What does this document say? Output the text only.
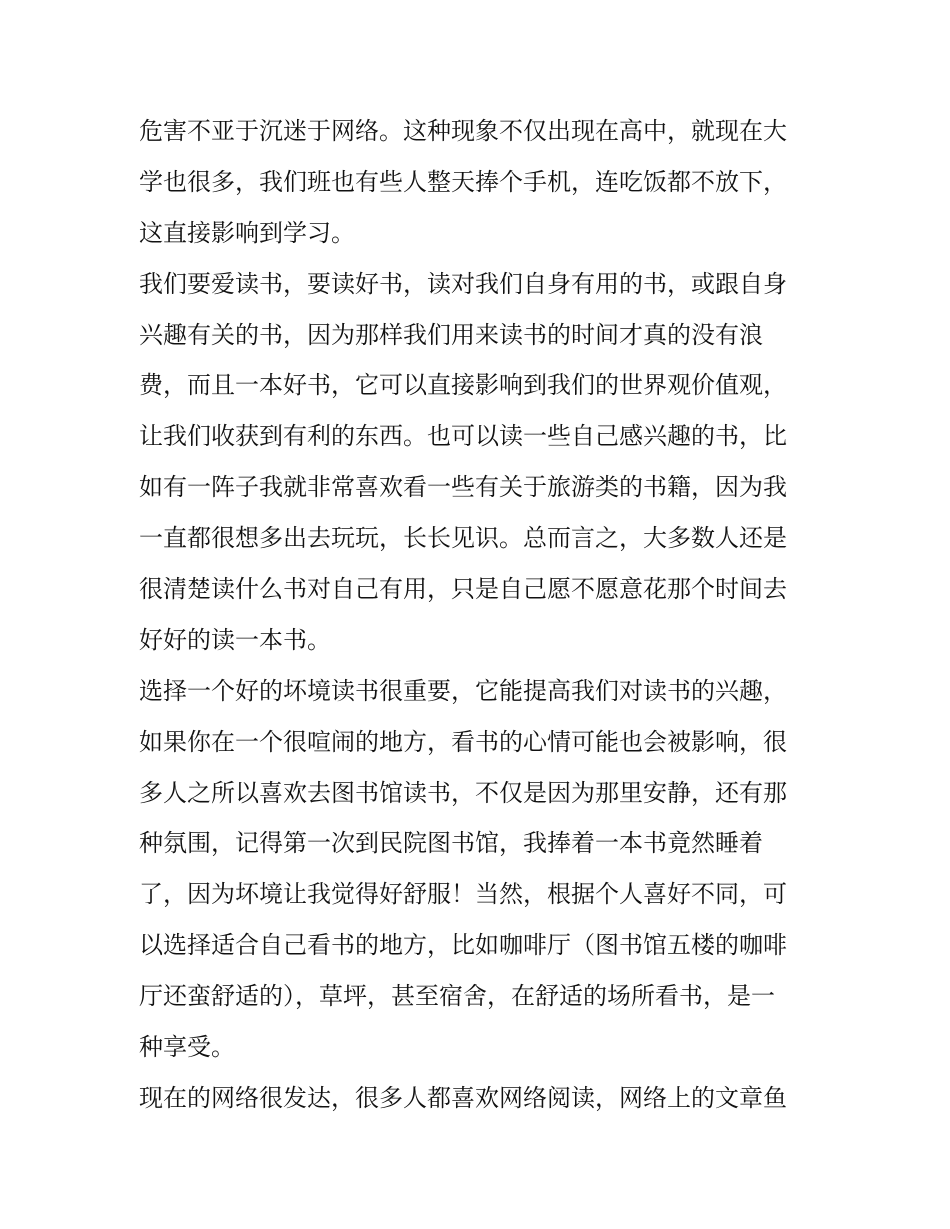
危害不亚于沉迷于网络。这种现象不仅出现在高中，就现在大
学也很多，我们班也有些人整天捧个手机，连吃饭都不放下，
这直接影响到学习。
我们要爱读书，要读好书，读对我们自身有用的书，或跟自身
兴趣有关的书，因为那样我们用来读书的时间才真的没有浪
费，而且一本好书，它可以直接影响到我们的世界观价值观，
让我们收获到有利的东西。也可以读一些自己感兴趣的书，比
如有一阵子我就非常喜欢看一些有关于旅游类的书籍，因为我
一直都很想多出去玩玩，长长见识。总而言之，大多数人还是
很清楚读什么书对自己有用，只是自己愿不愿意花那个时间去
好好的读一本书。
选择一个好的坏境读书很重要，它能提高我们对读书的兴趣，
如果你在一个很喧闹的地方，看书的心情可能也会被影响，很
多人之所以喜欢去图书馆读书，不仅是因为那里安静，还有那
种氛围，记得第一次到民院图书馆，我捧着一本书竟然睡着
了，因为坏境让我觉得好舒服！当然，根据个人喜好不同，可
以选择适合自己看书的地方，比如咖啡厅（图书馆五楼的咖啡
厅还蛮舒适的），草坪，甚至宿舍，在舒适的场所看书，是一
种享受。
现在的网络很发达，很多人都喜欢网络阅读，网络上的文章鱼
